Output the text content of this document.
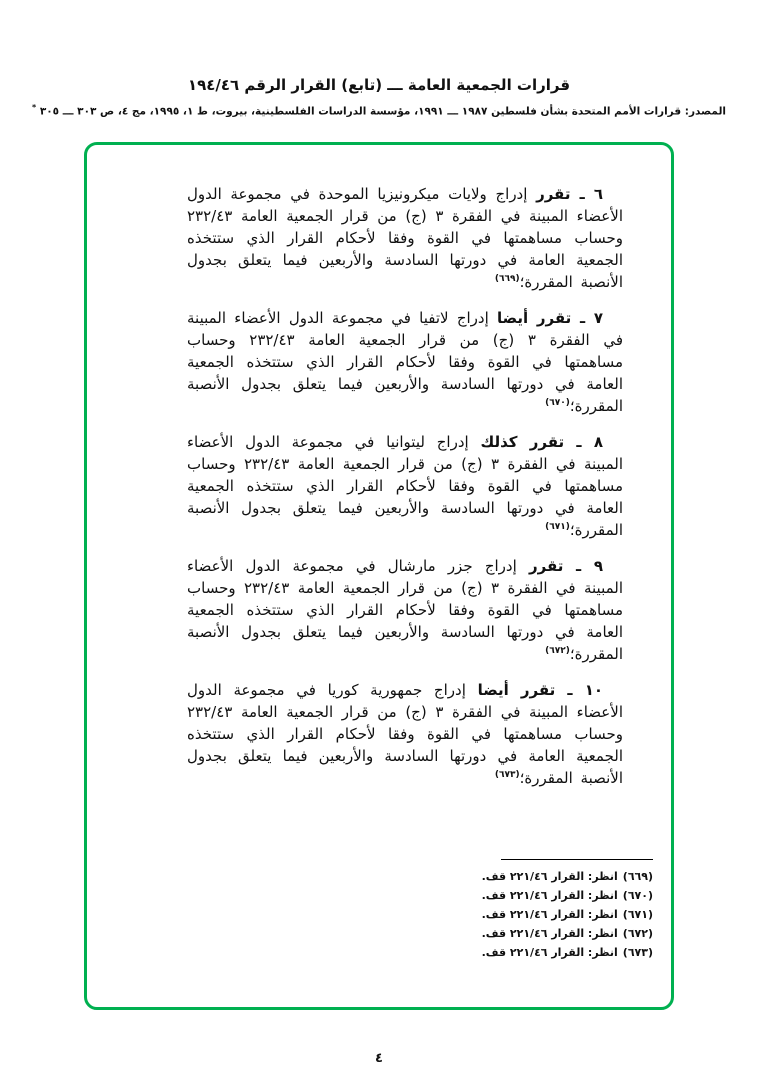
قرارات الجمعية العامة ـــ (تابع) القرار الرقم ١٩٤/٤٦
المصدر: قرارات الأمم المتحدة بشأن فلسطين ١٩٨٧ ـــ ١٩٩١، مؤسسة الدراسات الفلسطينية، بيروت، ط ١، ١٩٩٥، مج ٤، ص ٣٠٣ ـــ ٣٠٥ *

٦ ـ تقرر إدراج ولايات ميكرونيزيا الموحدة في مجموعة الدول الأعضاء المبينة في الفقرة ٣ (ج) من قرار الجمعية العامة ٢٣٢/٤٣ وحساب مساهمتها في القوة وفقا لأحكام القرار الذي ستتخذه الجمعية العامة في دورتها السادسة والأربعين فيما يتعلق بجدول الأنصبة المقررة؛$^{(٦٦٩)}$

٧ ـ تقرر أيضا إدراج لاتفيا في مجموعة الدول الأعضاء المبينة في الفقرة ٣ (ج) من قرار الجمعية العامة ٢٣٢/٤٣ وحساب مساهمتها في القوة وفقا لأحكام القرار الذي ستتخذه الجمعية العامة في دورتها السادسة والأربعين فيما يتعلق بجدول الأنصبة المقررة؛$^{(٦٧٠)}$

٨ ـ تقرر كذلك إدراج ليتوانيا في مجموعة الدول الأعضاء المبينة في الفقرة ٣ (ج) من قرار الجمعية العامة ٢٣٢/٤٣ وحساب مساهمتها في القوة وفقا لأحكام القرار الذي ستتخذه الجمعية العامة في دورتها السادسة والأربعين فيما يتعلق بجدول الأنصبة المقررة؛$^{(٦٧١)}$

٩ ـ تقرر إدراج جزر مارشال في مجموعة الدول الأعضاء المبينة في الفقرة ٣ (ج) من قرار الجمعية العامة ٢٣٢/٤٣ وحساب مساهمتها في القوة وفقا لأحكام القرار الذي ستتخذه الجمعية العامة في دورتها السادسة والأربعين فيما يتعلق بجدول الأنصبة المقررة؛$^{(٦٧٢)}$

١٠ ـ تقرر أيضا إدراج جمهورية كوريا في مجموعة الدول الأعضاء المبينة في الفقرة ٣ (ج) من قرار الجمعية العامة ٢٣٢/٤٣ وحساب مساهمتها في القوة وفقا لأحكام القرار الذي ستتخذه الجمعية العامة في دورتها السادسة والأربعين فيما يتعلق بجدول الأنصبة المقررة؛$^{(٦٧٣)}$

(٦٦٩)انظر: القرار ٢٢١/٤٦ قف.
(٦٧٠)انظر: القرار ٢٢١/٤٦ قف.
(٦٧١)انظر: القرار ٢٢١/٤٦ قف.
(٦٧٢)انظر: القرار ٢٢١/٤٦ قف.
(٦٧٣)انظر: القرار ٢٢١/٤٦ قف.
٤
